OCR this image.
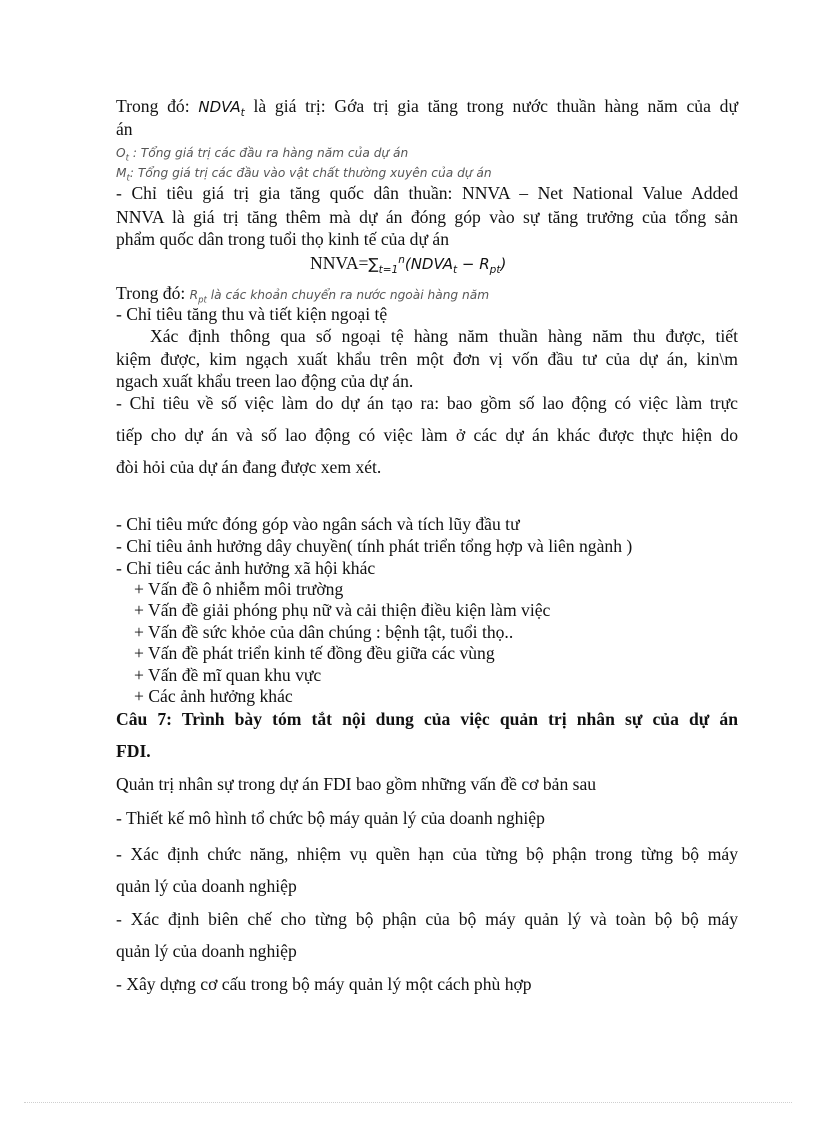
Trong đó: $NDVA_t$ là giá trị: Gớa trị gia tăng trong nước thuần hàng năm của dự

án

$O_t$ : Tổng giá trị các đầu ra hàng năm của dự án

$M_t$: Tổng giá trị các đầu vào vật chất thường xuyên của dự án

- Chỉ tiêu giá trị gia tăng quốc dân thuần: NNVA – Net National Value Added

NNVA là giá trị tăng thêm mà dự án đóng góp vào sự tăng trưởng của tổng sản

phẩm quốc dân trong tuổi thọ kinh tế của dự án

$NNVA=\sum_{t=1}^n(NDVA_t - R_{pt})$

Trong đó: $R_{pt}$ là các khoản chuyển ra nước ngoài hàng năm

- Chỉ tiêu tăng thu và tiết kiện ngoại tệ

Xác định thông qua số ngoại tệ hàng năm thuần hàng năm thu được, tiết

kiệm được, kim ngạch xuất khẩu trên một đơn vị vốn đầu tư của dự án, kin\m

ngach xuất khẩu treen lao động của dự án.

- Chỉ tiêu về số việc làm do dự án tạo ra: bao gồm số lao động có việc làm trực

tiếp cho dự án và số lao động có việc làm ở các dự án khác được thực hiện do

đòi hỏi của dự án đang được xem xét.

- Chỉ tiêu mức đóng góp vào ngân sách và tích lũy đầu tư

- Chỉ tiêu ảnh hưởng dây chuyền( tính phát triển tổng hợp và liên ngành )

- Chỉ tiêu các ảnh hưởng xã hội khác

+ Vấn đề ô nhiễm môi trường

+ Vấn đề giải phóng phụ nữ và cải thiện điều kiện làm việc

+ Vấn đề sức khỏe của dân chúng : bệnh tật, tuổi thọ..

+ Vấn đề phát triển kinh tế đồng đều giữa các vùng

+ Vấn đề mĩ quan khu vực

+ Các ảnh hưởng khác

Câu 7: Trình bày tóm tắt nội dung của việc quản trị nhân sự của dự án

FDI.

Quản trị nhân sự trong dự án FDI bao gồm những vấn đề cơ bản sau

- Thiết kế mô hình tổ chức bộ máy quản lý của doanh nghiệp

- Xác định chức năng, nhiệm vụ quền hạn của từng bộ phận trong từng bộ máy

quản lý của doanh nghiệp

- Xác định biên chế cho từng bộ phận của bộ máy quản lý và toàn bộ bộ máy

quản lý của doanh nghiệp

- Xây dựng cơ cấu trong bộ máy quản lý một cách phù hợp
